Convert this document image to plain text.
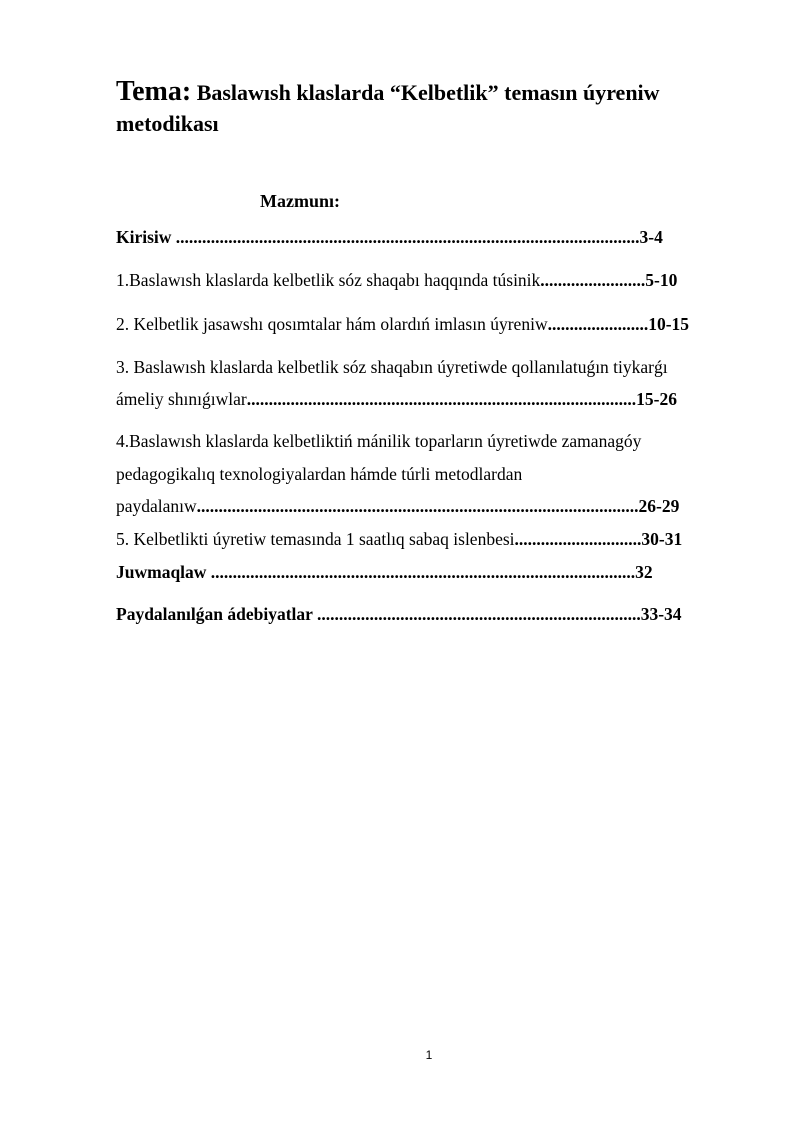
Tema: Baslawısh klaslarda “Kelbetlik” temasın úyreniw metodikası
Mazmunı:
Kirisiw ..........................................................................................................3-4
1.Baslawısh klaslarda kelbetlik sóz shaqabı haqqında túsinik........................5-10
2. Kelbetlik jasawshı qosımtalar hám olardıń imlasın úyreniw.......................10-15
3. Baslawısh klaslarda kelbetlik sóz shaqabın úyretiwde qollanılatuǵın tiykarǵı
ámeliy shınıǵıwlar.........................................................................................15-26
4.Baslawısh klaslarda kelbetliktiń mánilik toparların úyretiwde zamanagóy
pedagogikalıq texnologiyalardan hámde túrli metodlardan
paydalanıw.....................................................................................................26-29
5. Kelbetlikti úyretiw temasında 1 saatlıq sabaq islenbesi.............................30-31
Juwmaqlaw .................................................................................................32
Paydalanılǵan ádebiyatlar ..........................................................................33-34
1
